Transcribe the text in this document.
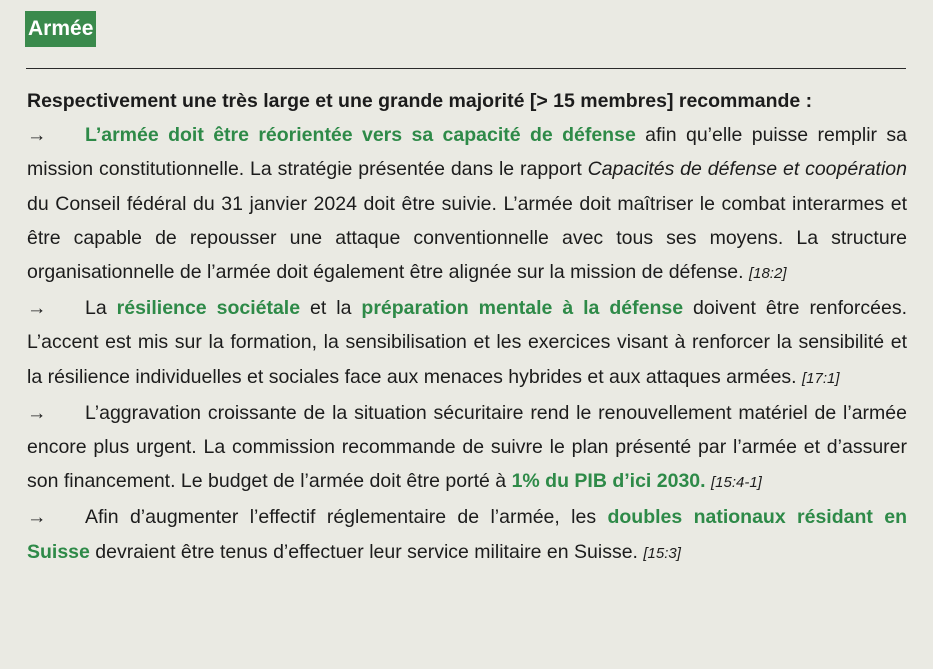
Armée

Respectivement une très large et une grande majorité [> 15 membres] recommande :

→ L’armée doit être réorientée vers sa capacité de défense afin qu’elle puisse remplir sa mission constitutionnelle. La stratégie présentée dans le rapport Capacités de défense et coopération du Conseil fédéral du 31 janvier 2024 doit être suivie. L’armée doit maîtriser le combat interarmes et être capable de repousser une attaque conventionnelle avec tous ses moyens. La structure organisationnelle de l’armée doit également être alignée sur la mission de défense. [18:2]

→ La résilience sociétale et la préparation mentale à la défense doivent être renforcées. L’accent est mis sur la formation, la sensibilisation et les exercices visant à renforcer la sensibilité et la résilience individuelles et sociales face aux menaces hybrides et aux attaques armées. [17:1]

→ L’aggravation croissante de la situation sécuritaire rend le renouvellement matériel de l’armée encore plus urgent. La commission recommande de suivre le plan présenté par l’armée et d’assurer son financement. Le budget de l’armée doit être porté à 1% du PIB d’ici 2030. [15:4-1]

→ Afin d’augmenter l’effectif réglementaire de l’armée, les doubles nationaux résidant en Suisse devraient être tenus d’effectuer leur service militaire en Suisse. [15:3]
